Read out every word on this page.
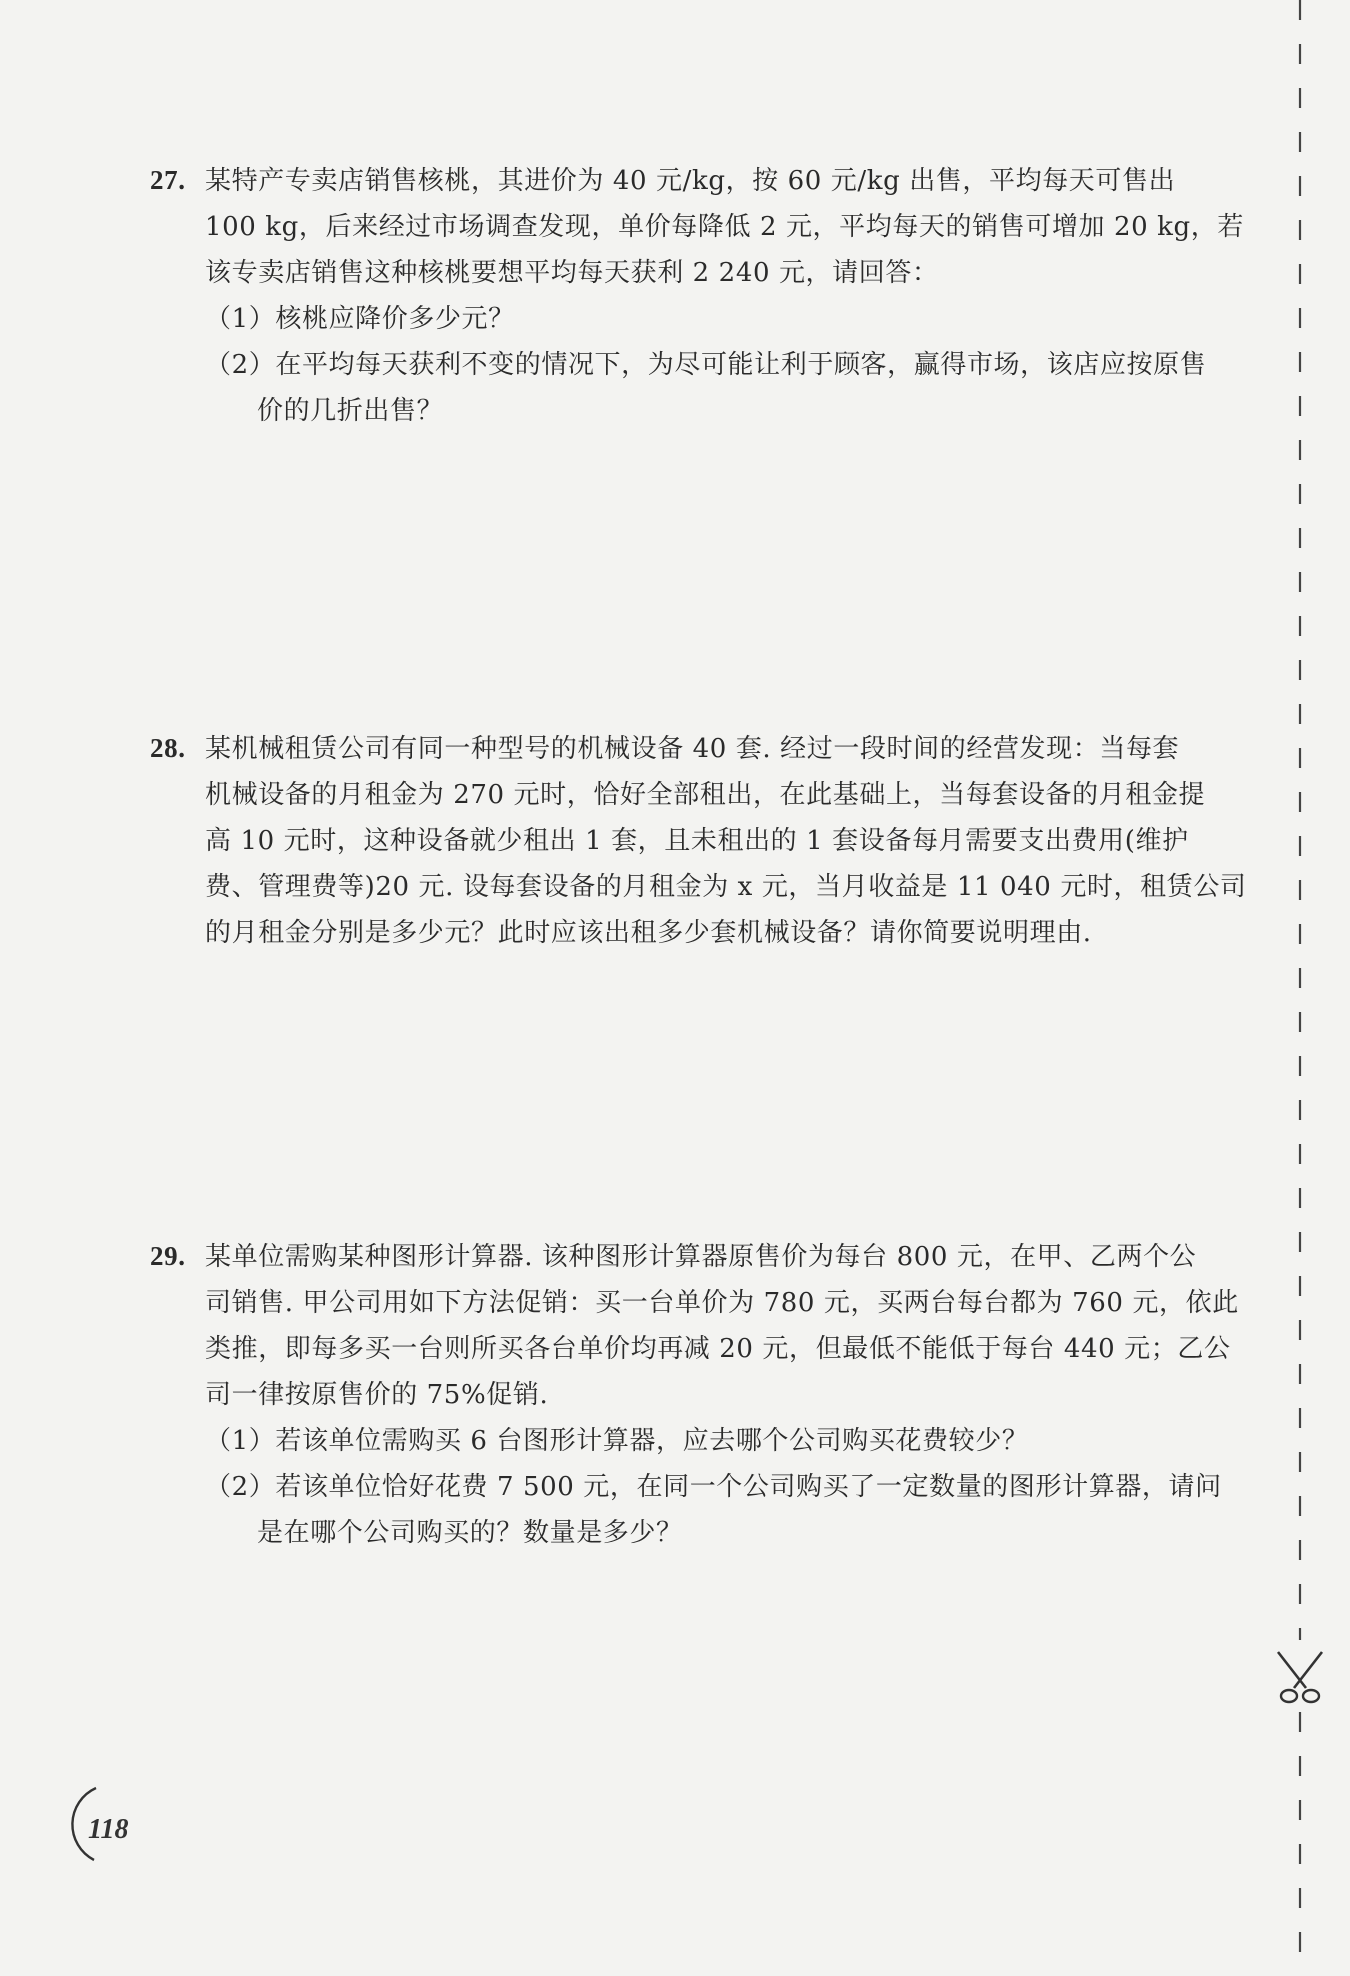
27. 某特产专卖店销售核桃，其进价为 40 元/kg，按 60 元/kg 出售，平均每天可售出
100 kg，后来经过市场调查发现，单价每降低 2 元，平均每天的销售可增加 20 kg，若
该专卖店销售这种核桃要想平均每天获利 2 240 元，请回答：
（1）核桃应降价多少元？
（2）在平均每天获利不变的情况下，为尽可能让利于顾客，赢得市场，该店应按原售
价的几折出售？
28. 某机械租赁公司有同一种型号的机械设备 40 套. 经过一段时间的经营发现：当每套
机械设备的月租金为 270 元时，恰好全部租出，在此基础上，当每套设备的月租金提
高 10 元时，这种设备就少租出 1 套，且未租出的 1 套设备每月需要支出费用(维护
费、管理费等)20 元. 设每套设备的月租金为 x 元，当月收益是 11 040 元时，租赁公司
的月租金分别是多少元？此时应该出租多少套机械设备？请你简要说明理由.
29. 某单位需购某种图形计算器. 该种图形计算器原售价为每台 800 元，在甲、乙两个公
司销售. 甲公司用如下方法促销：买一台单价为 780 元，买两台每台都为 760 元，依此
类推，即每多买一台则所买各台单价均再减 20 元，但最低不能低于每台 440 元；乙公
司一律按原售价的 75%促销.
（1）若该单位需购买 6 台图形计算器，应去哪个公司购买花费较少？
（2）若该单位恰好花费 7 500 元，在同一个公司购买了一定数量的图形计算器，请问
是在哪个公司购买的？数量是多少？
118
